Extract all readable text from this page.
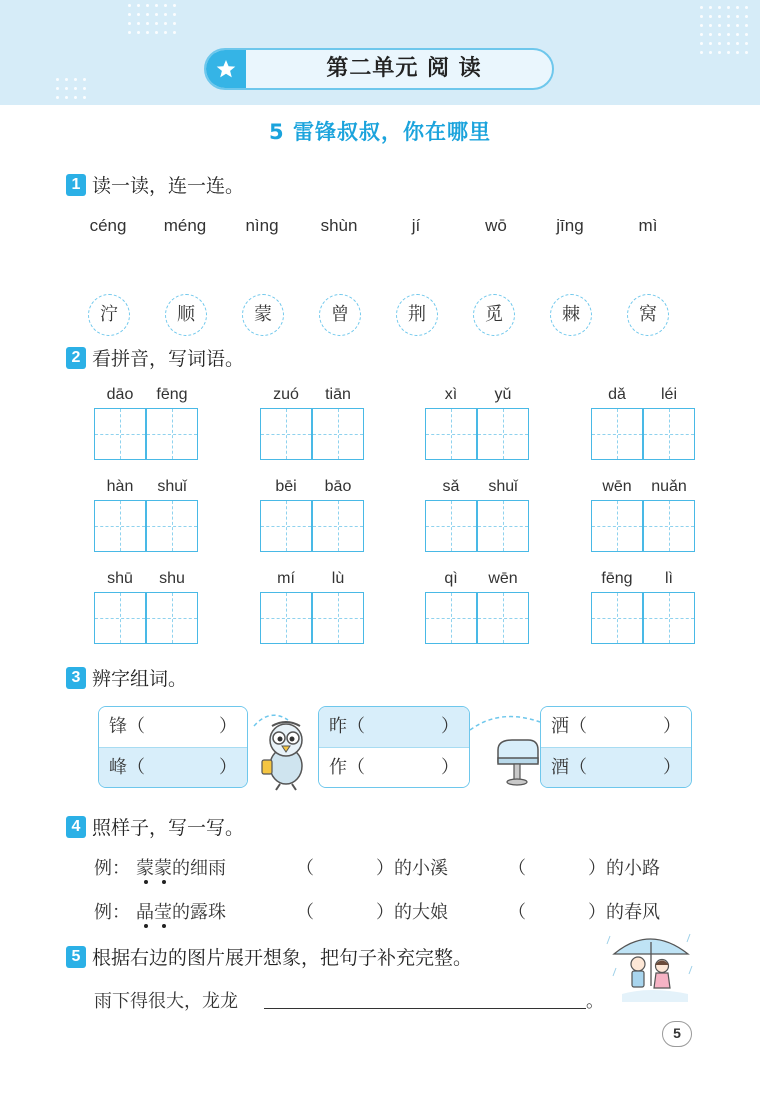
第二单元 阅 读
5 雷锋叔叔，你在哪里
1 读一读，连一连。
céng	méng	nìng	shùn	jí	wō	jīng	mì
泞	顺	蒙	曾	荆	觅	棘	窝
2 看拼音，写词语。
dāo	fēng	zuó	tiān	xì	yǔ	dǎ	léi
hàn	shuǐ	bēi	bāo	sǎ	shuǐ	wēn	nuǎn
shū	shu	mí	lù	qì	wēn	fēng	lì
3 辨字组词。
锋（	）
峰（	）
昨（	）
作（	）
洒（	）
酒（	）
4 照样子，写一写。
例： 蒙蒙的细雨	（	） 的小溪	（	） 的小路
例： 晶莹的露珠	（	） 的大娘	（	） 的春风
5 根据右边的图片展开想象，把句子补充完整。
雨下得很大，龙龙	。
5
